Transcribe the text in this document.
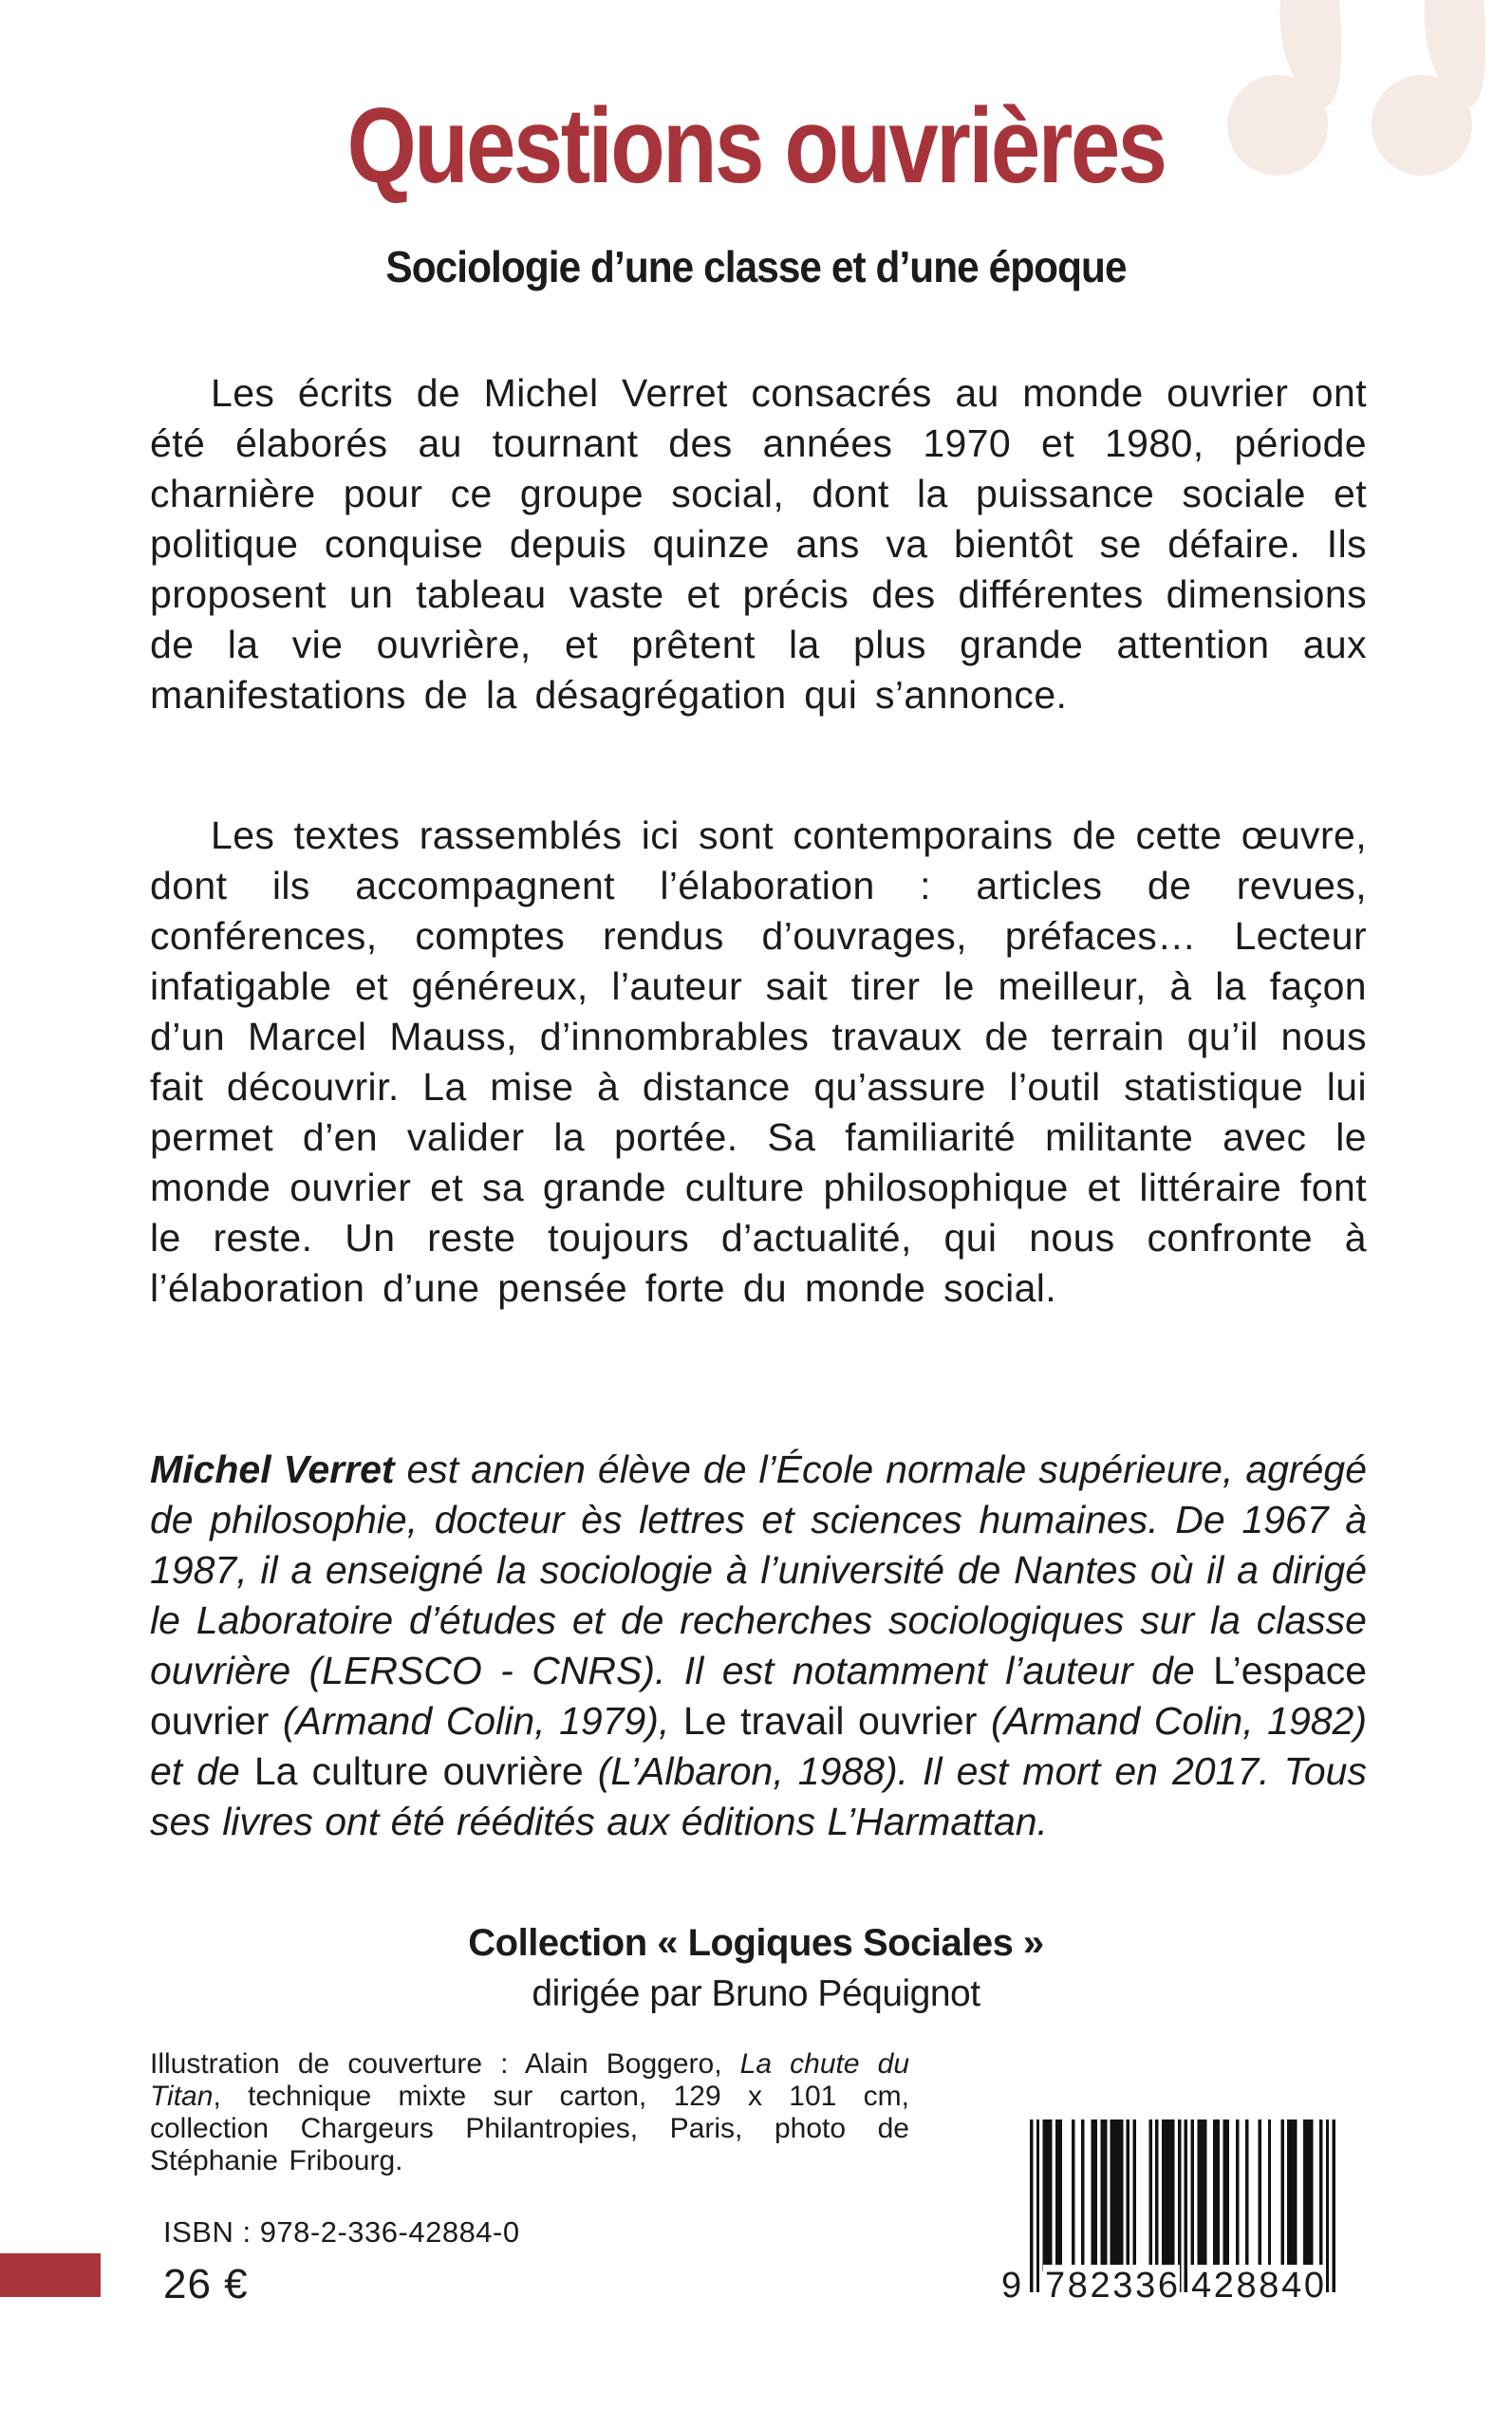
Questions ouvrières
Sociologie d’une classe et d’une époque

Les écrits de Michel Verret consacrés au monde ouvrier ont été élaborés au tournant des années 1970 et 1980, période charnière pour ce groupe social, dont la puissance sociale et politique conquise depuis quinze ans va bientôt se défaire. Ils proposent un tableau vaste et précis des différentes dimensions de la vie ouvrière, et prêtent la plus grande attention aux manifestations de la désagrégation qui s’annonce.

Les textes rassemblés ici sont contemporains de cette œuvre, dont ils accompagnent l’élaboration : articles de revues, conférences, comptes rendus d’ouvrages, préfaces… Lecteur infatigable et généreux, l’auteur sait tirer le meilleur, à la façon d’un Marcel Mauss, d’innombrables travaux de terrain qu’il nous fait découvrir. La mise à distance qu’assure l’outil statistique lui permet d’en valider la portée. Sa familiarité militante avec le monde ouvrier et sa grande culture philosophique et littéraire font le reste. Un reste toujours d’actualité, qui nous confronte à l’élaboration d’une pensée forte du monde social.

Michel Verret est ancien élève de l’École normale supérieure, agrégé de philosophie, docteur ès lettres et sciences humaines. De 1967 à 1987, il a enseigné la sociologie à l’université de Nantes où il a dirigé le Laboratoire d’études et de recherches sociologiques sur la classe ouvrière (LERSCO - CNRS). Il est notamment l’auteur de L’espace ouvrier (Armand Colin, 1979), Le travail ouvrier (Armand Colin, 1982) et de La culture ouvrière (L’Albaron, 1988). Il est mort en 2017. Tous ses livres ont été réédités aux éditions L’Harmattan.

Collection « Logiques Sociales »
dirigée par Bruno Péquignot

Illustration de couverture : Alain Boggero, La chute du Titan, technique mixte sur carton, 129 x 101 cm, collection Chargeurs Philantropies, Paris, photo de Stéphanie Fribourg.

ISBN : 978-2-336-42884-0
26 €	9 7 8 2 3 3 6 4 2 8 8 4 0
